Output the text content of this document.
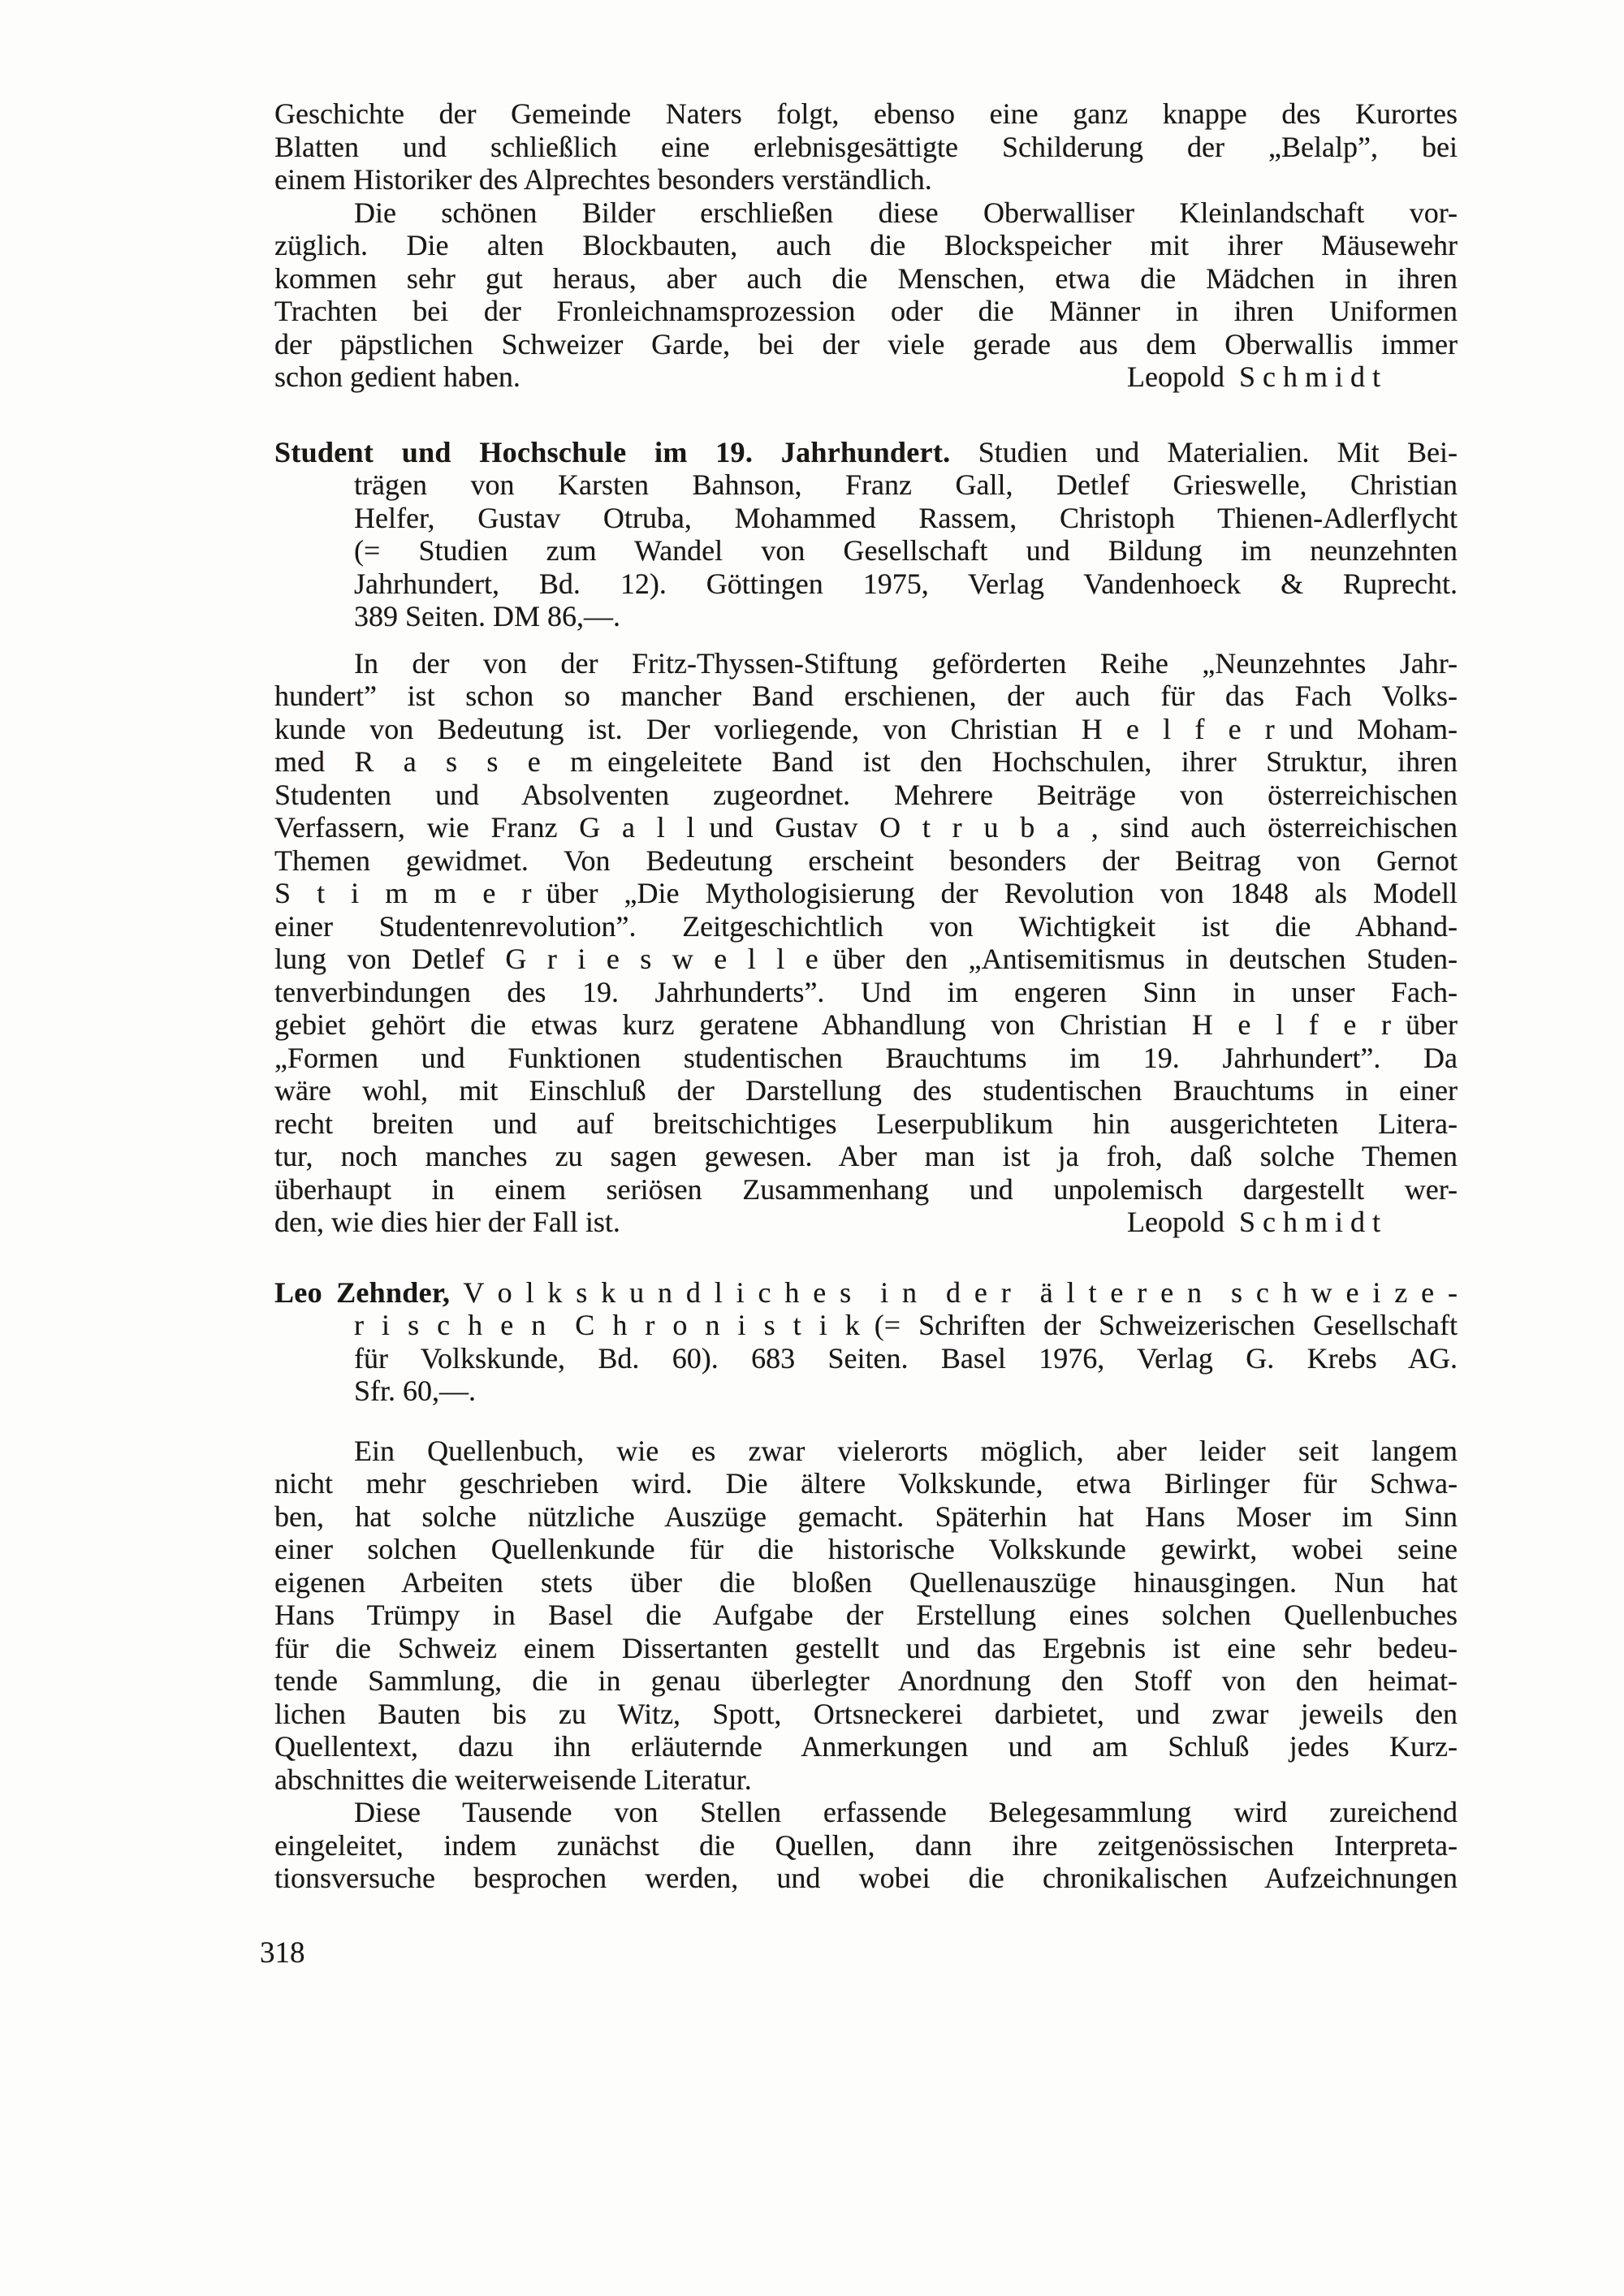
Geschichte der Gemeinde Naters folgt, ebenso eine ganz knappe des Kurortes
Blatten und schließlich eine erlebnisgesättigte Schilderung der „Belalp”, bei
einem Historiker des Alprechtes besonders verständlich.
Die schönen Bilder erschließen diese Oberwalliser Kleinlandschaft vor-
züglich. Die alten Blockbauten, auch die Blockspeicher mit ihrer Mäusewehr
kommen sehr gut heraus, aber auch die Menschen, etwa die Mädchen in ihren
Trachten bei der Fronleichnamsprozession oder die Männer in ihren Uniformen
der päpstlichen Schweizer Garde, bei der viele gerade aus dem Oberwallis immer
schon gedient haben.	Leopold S c h m i d t
Student und Hochschule im 19. Jahrhundert. Studien und Materialien. Mit Bei-
trägen von Karsten Bahnson, Franz Gall, Detlef Grieswelle, Christian
Helfer, Gustav Otruba, Mohammed Rassem, Christoph Thienen-Adlerflycht
(= Studien zum Wandel von Gesellschaft und Bildung im neunzehnten
Jahrhundert, Bd. 12). Göttingen 1975, Verlag Vandenhoeck & Ruprecht.
389 Seiten. DM 86,—.
In der von der Fritz-Thyssen-Stiftung geförderten Reihe „Neunzehntes Jahr-
hundert” ist schon so mancher Band erschienen, der auch für das Fach Volks-
kunde von Bedeutung ist. Der vorliegende, von Christian H e l f e r und Moham-
med R a s s e m eingeleitete Band ist den Hochschulen, ihrer Struktur, ihren
Studenten und Absolventen zugeordnet. Mehrere Beiträge von österreichischen
Verfassern, wie Franz G a l l und Gustav O t r u b a , sind auch österreichischen
Themen gewidmet. Von Bedeutung erscheint besonders der Beitrag von Gernot
S t i m m e r über „Die Mythologisierung der Revolution von 1848 als Modell
einer Studentenrevolution”. Zeitgeschichtlich von Wichtigkeit ist die Abhand-
lung von Detlef G r i e s w e l l e über den „Antisemitismus in deutschen Studen-
tenverbindungen des 19. Jahrhunderts”. Und im engeren Sinn in unser Fach-
gebiet gehört die etwas kurz geratene Abhandlung von Christian H e l f e r über
„Formen und Funktionen studentischen Brauchtums im 19. Jahrhundert”. Da
wäre wohl, mit Einschluß der Darstellung des studentischen Brauchtums in einer
recht breiten und auf breitschichtiges Leserpublikum hin ausgerichteten Litera-
tur, noch manches zu sagen gewesen. Aber man ist ja froh, daß solche Themen
überhaupt in einem seriösen Zusammenhang und unpolemisch dargestellt wer-
den, wie dies hier der Fall ist.	Leopold S c h m i d t
Leo Zehnder, V o l k s k u n d l i c h e s  i n  d e r  ä l t e r e n  s c h w e i z e -
r i s c h e n  C h r o n i s t i k (= Schriften der Schweizerischen Gesellschaft
für Volkskunde, Bd. 60). 683 Seiten. Basel 1976, Verlag G. Krebs AG.
Sfr. 60,—.
Ein Quellenbuch, wie es zwar vielerorts möglich, aber leider seit langem
nicht mehr geschrieben wird. Die ältere Volkskunde, etwa Birlinger für Schwa-
ben, hat solche nützliche Auszüge gemacht. Späterhin hat Hans Moser im Sinn
einer solchen Quellenkunde für die historische Volkskunde gewirkt, wobei seine
eigenen Arbeiten stets über die bloßen Quellenauszüge hinausgingen. Nun hat
Hans Trümpy in Basel die Aufgabe der Erstellung eines solchen Quellenbuches
für die Schweiz einem Dissertanten gestellt und das Ergebnis ist eine sehr bedeu-
tende Sammlung, die in genau überlegter Anordnung den Stoff von den heimat-
lichen Bauten bis zu Witz, Spott, Ortsneckerei darbietet, und zwar jeweils den
Quellentext, dazu ihn erläuternde Anmerkungen und am Schluß jedes Kurz-
abschnittes die weiterweisende Literatur.
Diese Tausende von Stellen erfassende Belegesammlung wird zureichend
eingeleitet, indem zunächst die Quellen, dann ihre zeitgenössischen Interpreta-
tionsversuche besprochen werden, und wobei die chronikalischen Aufzeichnungen
318
